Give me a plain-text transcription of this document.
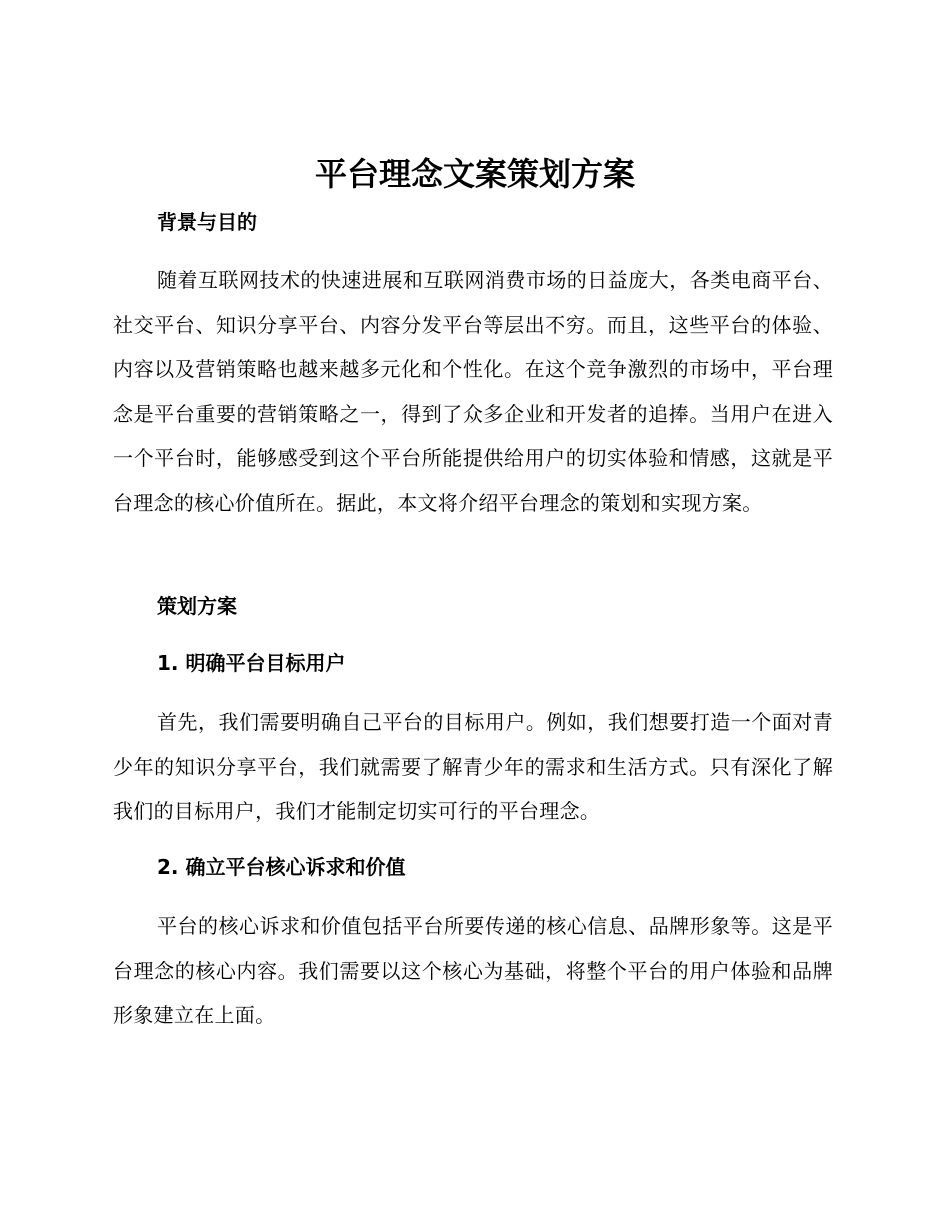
平台理念文案策划方案
背景与目的

随着互联网技术的快速进展和互联网消费市场的日益庞大，各类电商平台、社交平台、知识分享平台、内容分发平台等层出不穷。而且，这些平台的体验、内容以及营销策略也越来越多元化和个性化。在这个竞争激烈的市场中，平台理念是平台重要的营销策略之一，得到了众多企业和开发者的追捧。当用户在进入一个平台时，能够感受到这个平台所能提供给用户的切实体验和情感，这就是平台理念的核心价值所在。据此，本文将介绍平台理念的策划和实现方案。

策划方案
1. 明确平台目标用户

首先，我们需要明确自己平台的目标用户。例如，我们想要打造一个面对青少年的知识分享平台，我们就需要了解青少年的需求和生活方式。只有深化了解我们的目标用户，我们才能制定切实可行的平台理念。

2. 确立平台核心诉求和价值

平台的核心诉求和价值包括平台所要传递的核心信息、品牌形象等。这是平台理念的核心内容。我们需要以这个核心为基础，将整个平台的用户体验和品牌形象建立在上面。
